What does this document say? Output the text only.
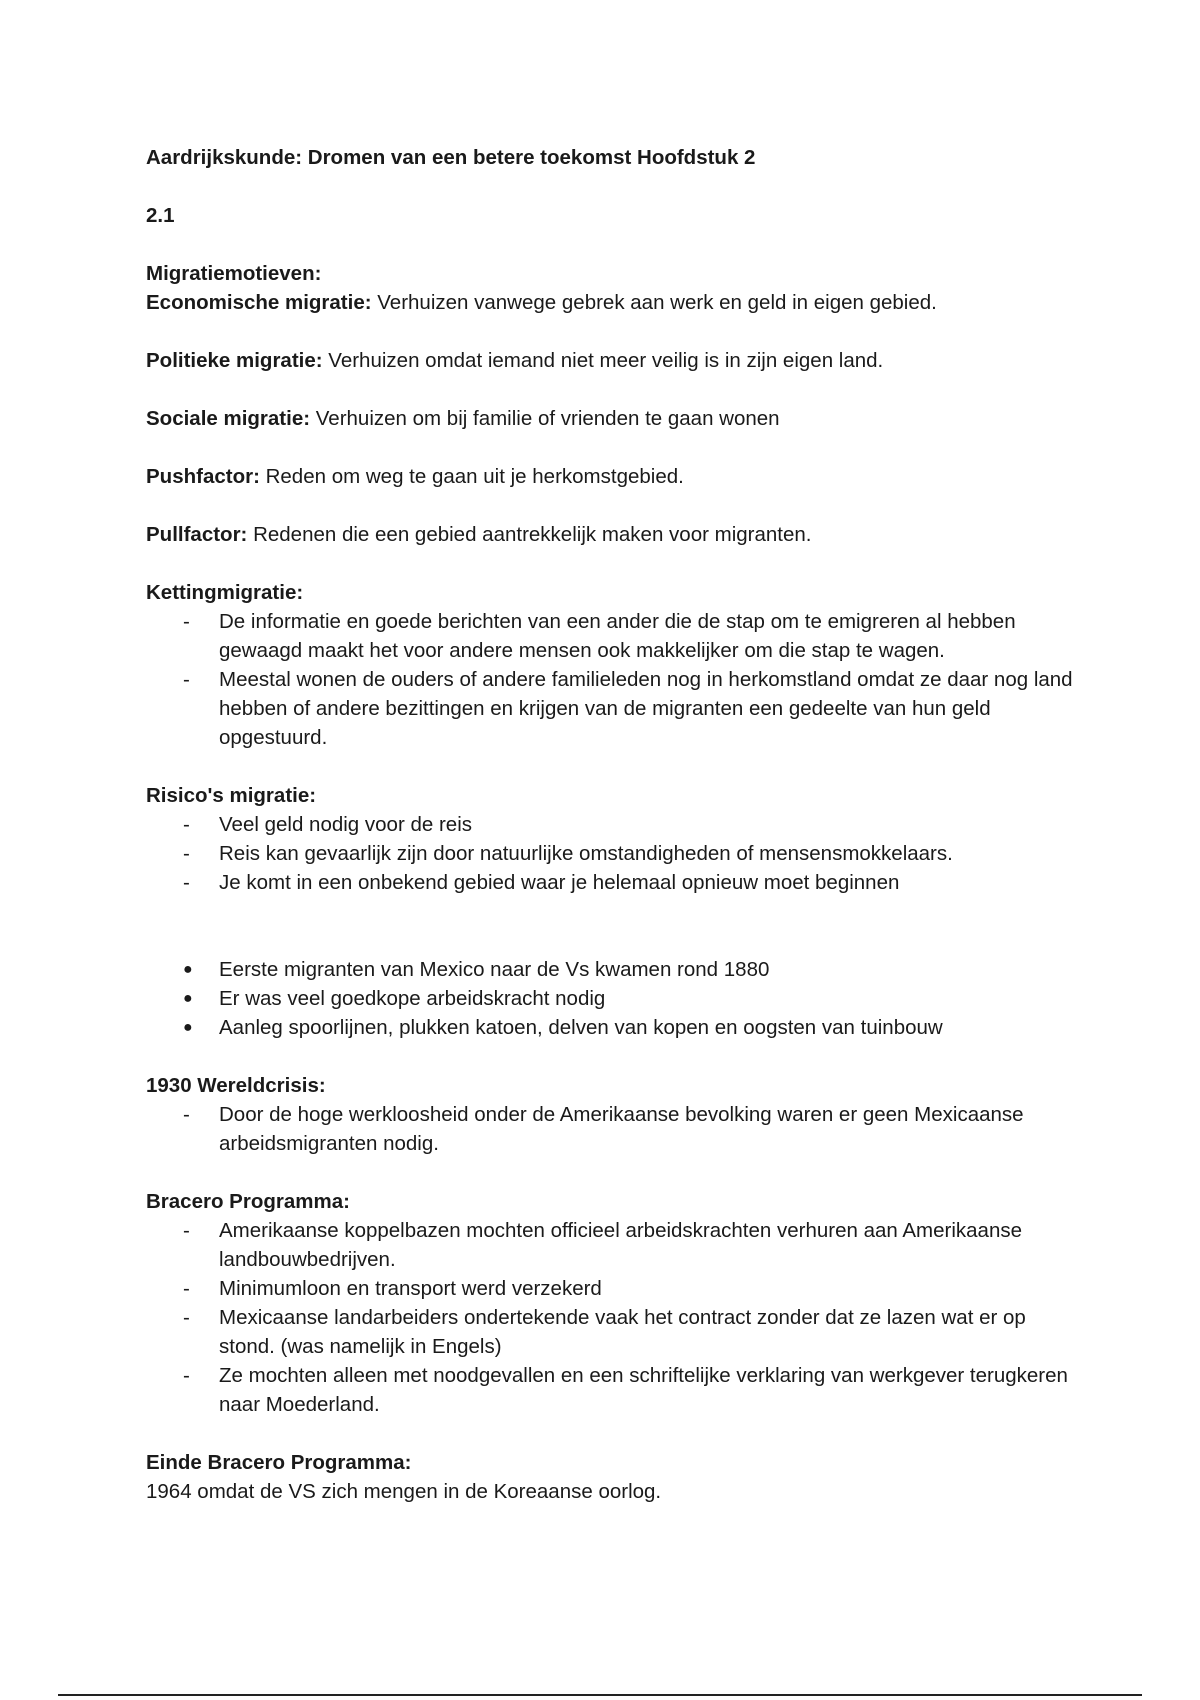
Aardrijkskunde: Dromen van een betere toekomst Hoofdstuk 2
2.1
Migratiemotieven:
Economische migratie: Verhuizen vanwege gebrek aan werk en geld in eigen gebied.
Politieke migratie: Verhuizen omdat iemand niet meer veilig is in zijn eigen land.
Sociale migratie: Verhuizen om bij familie of vrienden te gaan wonen
Pushfactor: Reden om weg te gaan uit je herkomstgebied.
Pullfactor: Redenen die een gebied aantrekkelijk maken voor migranten.
Kettingmigratie:
- De informatie en goede berichten van een ander die de stap om te emigreren al hebben gewaagd maakt het voor andere mensen ook makkelijker om die stap te wagen.
- Meestal wonen de ouders of andere familieleden nog in herkomstland omdat ze daar nog land hebben of andere bezittingen en krijgen van de migranten een gedeelte van hun geld opgestuurd.
Risico's migratie:
- Veel geld nodig voor de reis
- Reis kan gevaarlijk zijn door natuurlijke omstandigheden of mensensmokkelaars.
- Je komt in een onbekend gebied waar je helemaal opnieuw moet beginnen
● Eerste migranten van Mexico naar de Vs kwamen rond 1880
● Er was veel goedkope arbeidskracht nodig
● Aanleg spoorlijnen, plukken katoen, delven van kopen en oogsten van tuinbouw
1930 Wereldcrisis:
- Door de hoge werkloosheid onder de Amerikaanse bevolking waren er geen Mexicaanse arbeidsmigranten nodig.
Bracero Programma:
- Amerikaanse koppelbazen mochten officieel arbeidskrachten verhuren aan Amerikaanse landbouwbedrijven.
- Minimumloon en transport werd verzekerd
- Mexicaanse landarbeiders ondertekende vaak het contract zonder dat ze lazen wat er op stond. (was namelijk in Engels)
- Ze mochten alleen met noodgevallen en een schriftelijke verklaring van werkgever terugkeren naar Moederland.
Einde Bracero Programma:
1964 omdat de VS zich mengen in de Koreaanse oorlog.
